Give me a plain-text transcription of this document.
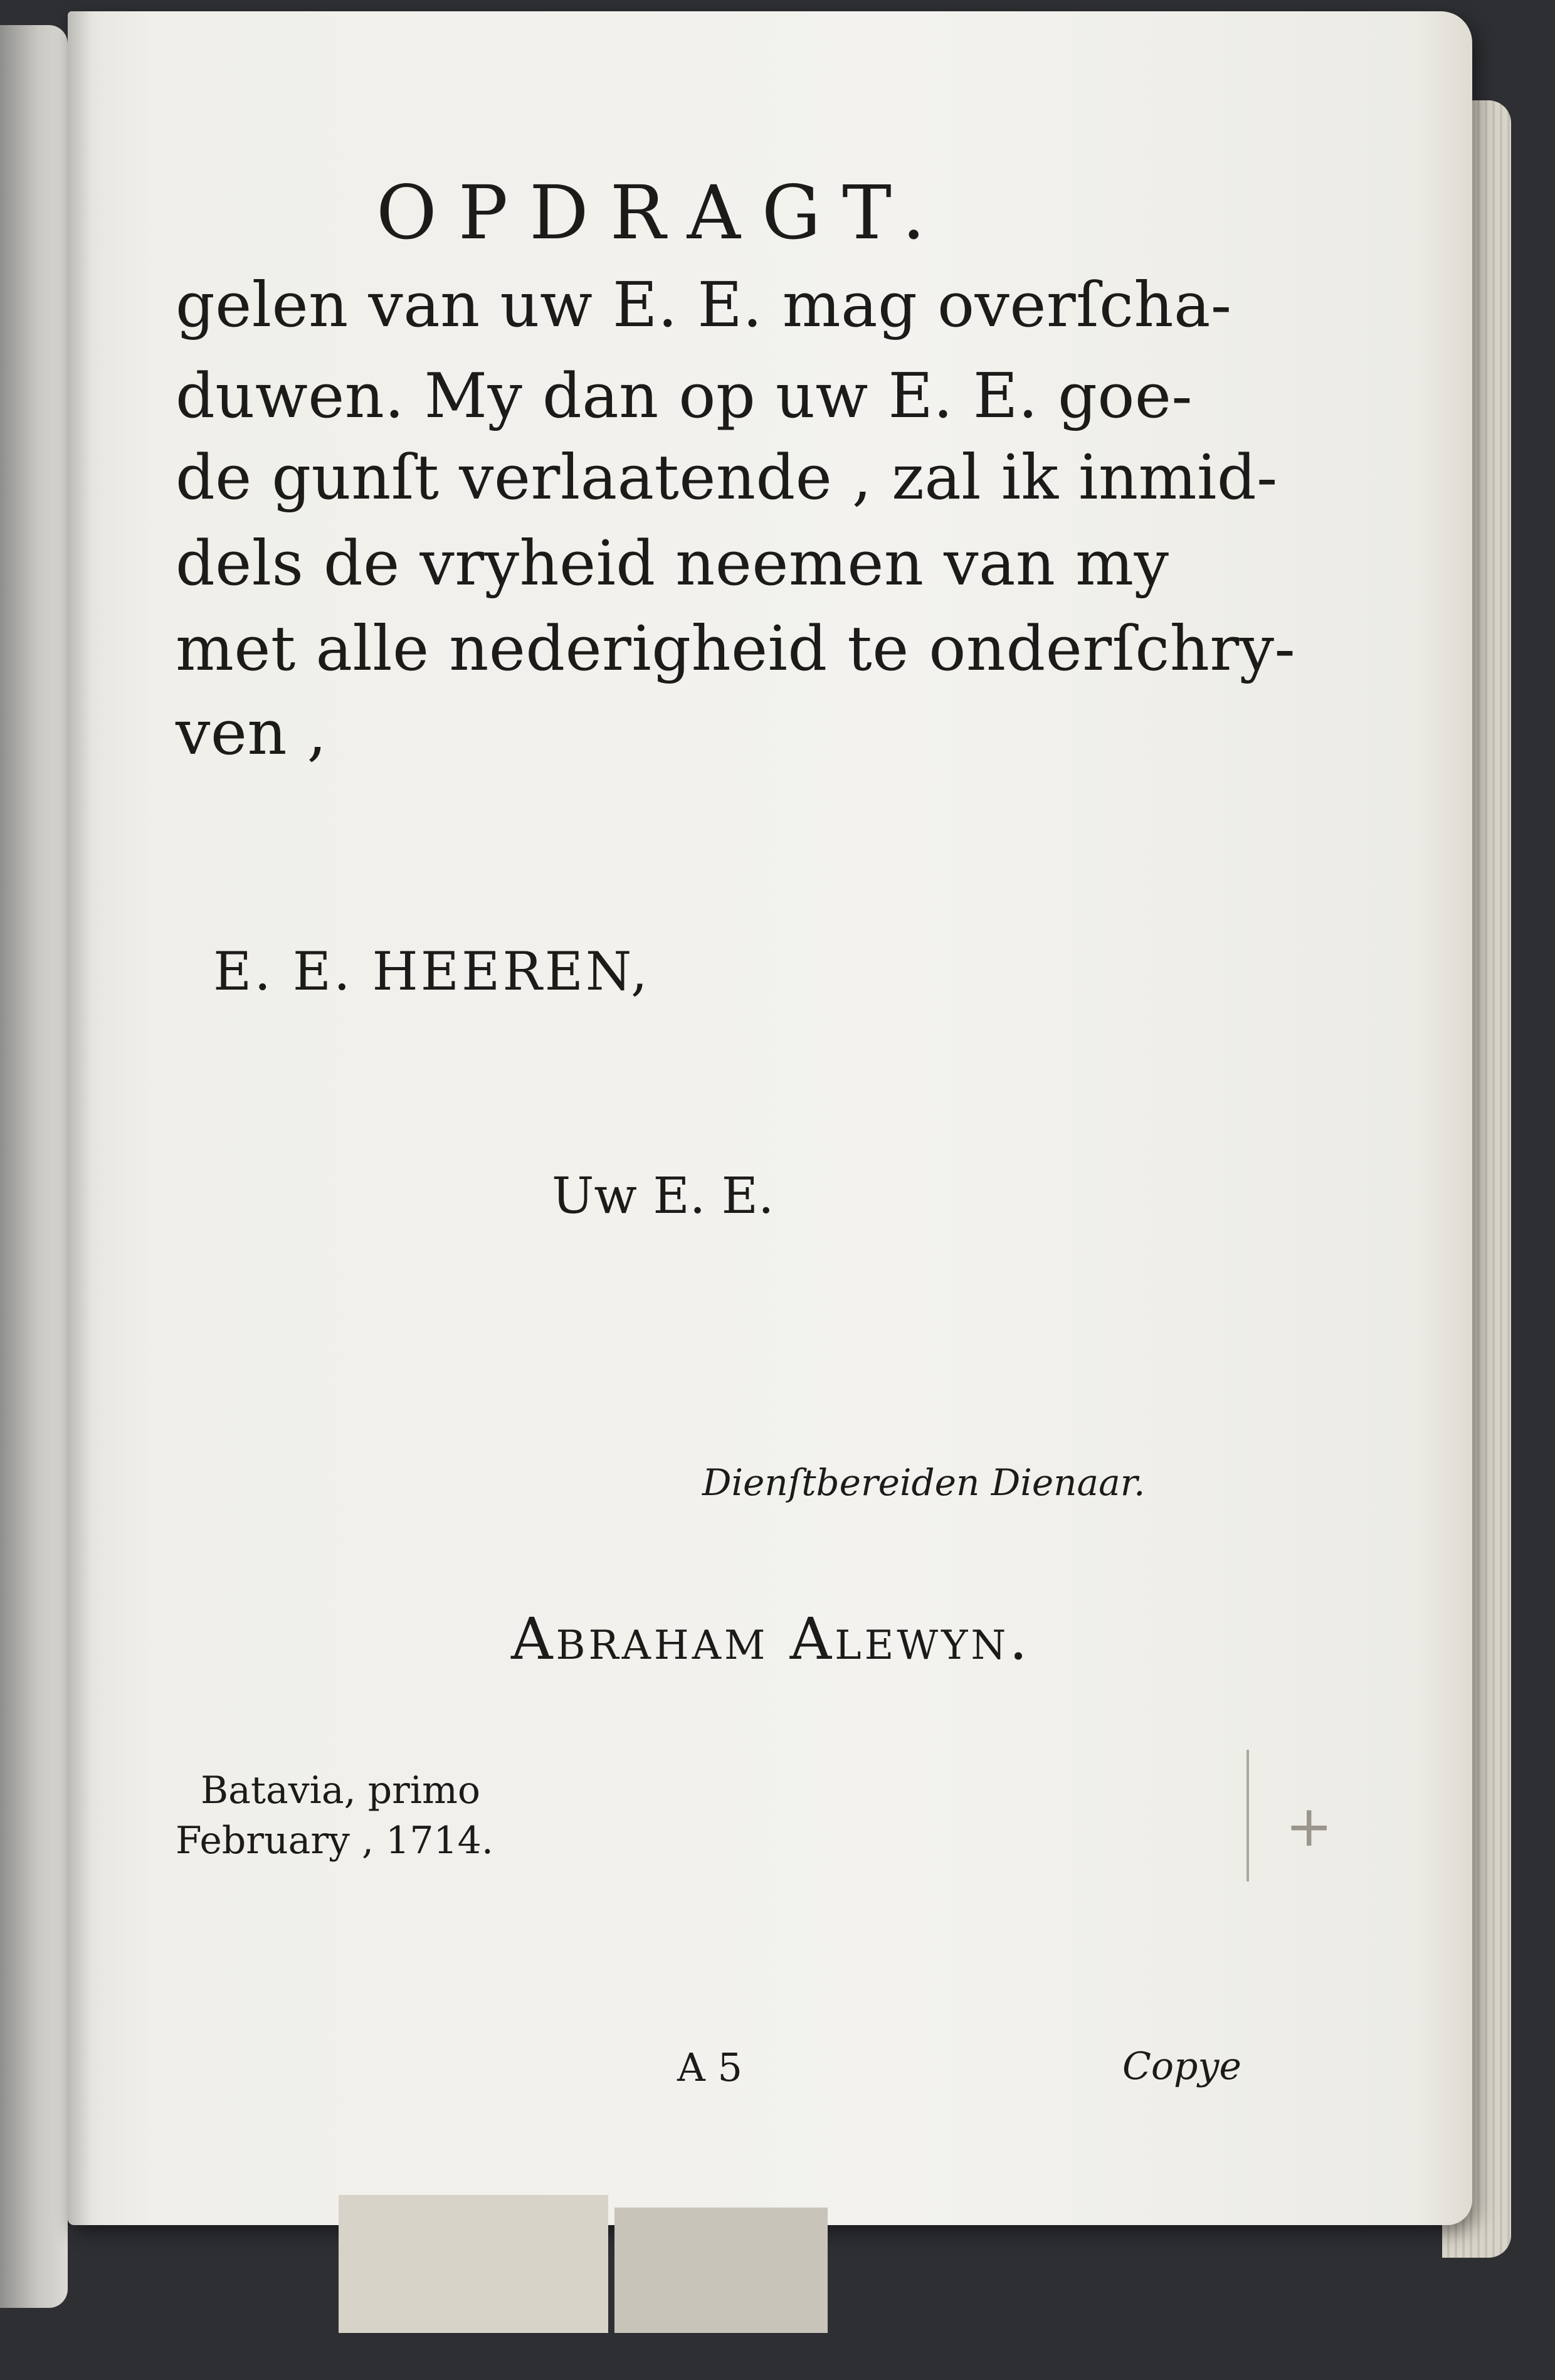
OPDRAGT.
gelen van uw E. E. mag overſcha-
duwen. My dan op uw E. E. goe-
de gunſt verlaatende , zal ik inmid-
dels de vryheid neemen van my
met alle nederigheid te onderſchry-
ven ,
E. E. HEEREN,
Uw E. E.
Dienſtbereiden Dienaar.
Abraham Alewyn.
Batavia, primo
February , 1714.	+
A 5	Copye
